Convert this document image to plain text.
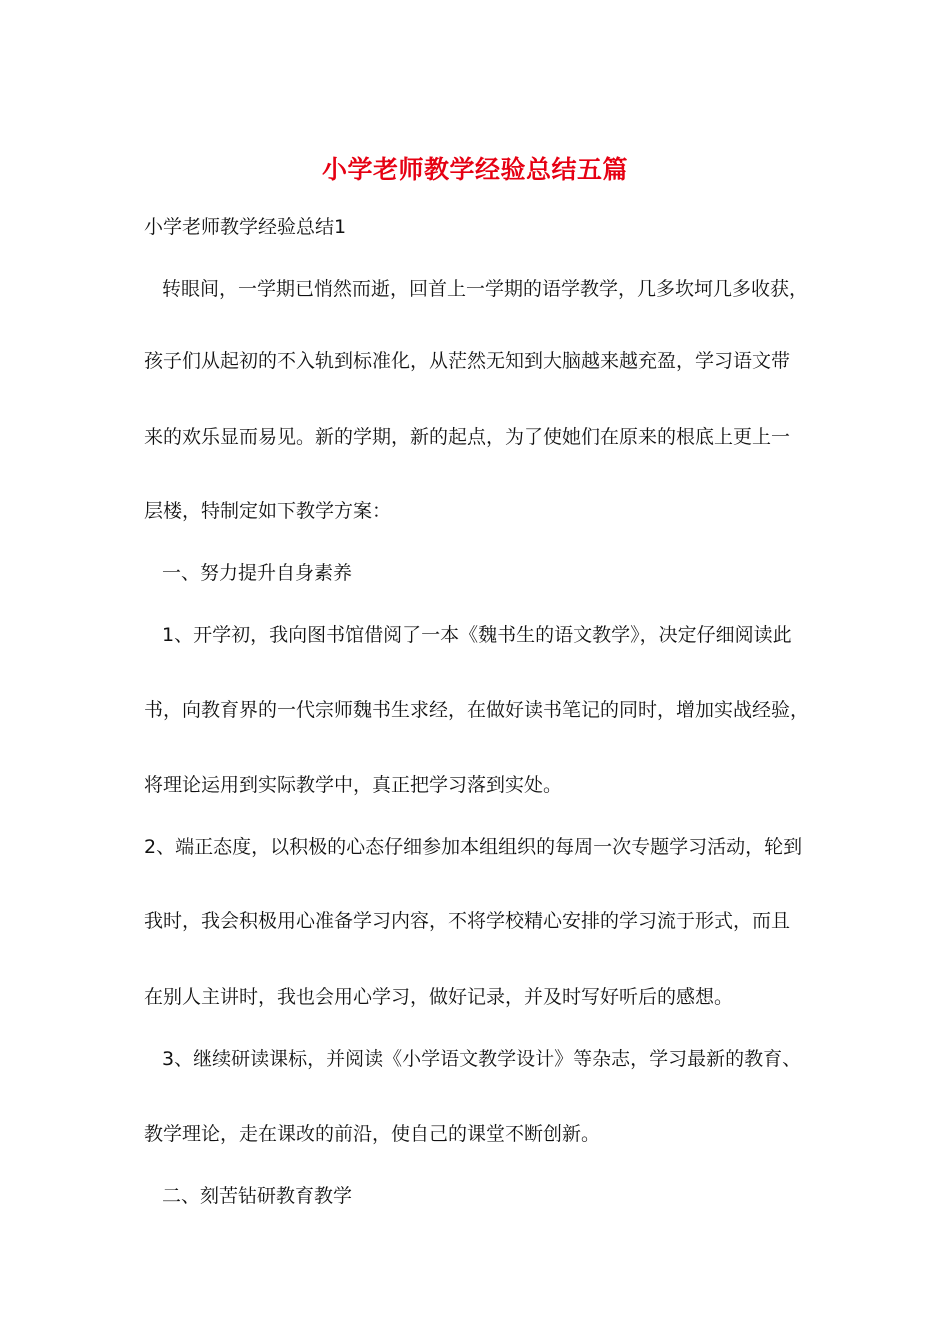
小学老师教学经验总结五篇
小学老师教学经验总结1
转眼间，一学期已悄然而逝，回首上一学期的语学教学，几多坎坷几多收获，
孩子们从起初的不入轨到标准化，从茫然无知到大脑越来越充盈，学习语文带
来的欢乐显而易见。新的学期，新的起点，为了使她们在原来的根底上更上一
层楼，特制定如下教学方案：
一、努力提升自身素养
1、开学初，我向图书馆借阅了一本《魏书生的语文教学》，决定仔细阅读此
书，向教育界的一代宗师魏书生求经，在做好读书笔记的同时，增加实战经验，
将理论运用到实际教学中，真正把学习落到实处。
2、端正态度，以积极的心态仔细参加本组组织的每周一次专题学习活动，轮到
我时，我会积极用心准备学习内容，不将学校精心安排的学习流于形式，而且
在别人主讲时，我也会用心学习，做好记录，并及时写好听后的感想。
3、继续研读课标，并阅读《小学语文教学设计》等杂志，学习最新的教育、
教学理论，走在课改的前沿，使自己的课堂不断创新。
二、刻苦钻研教育教学
